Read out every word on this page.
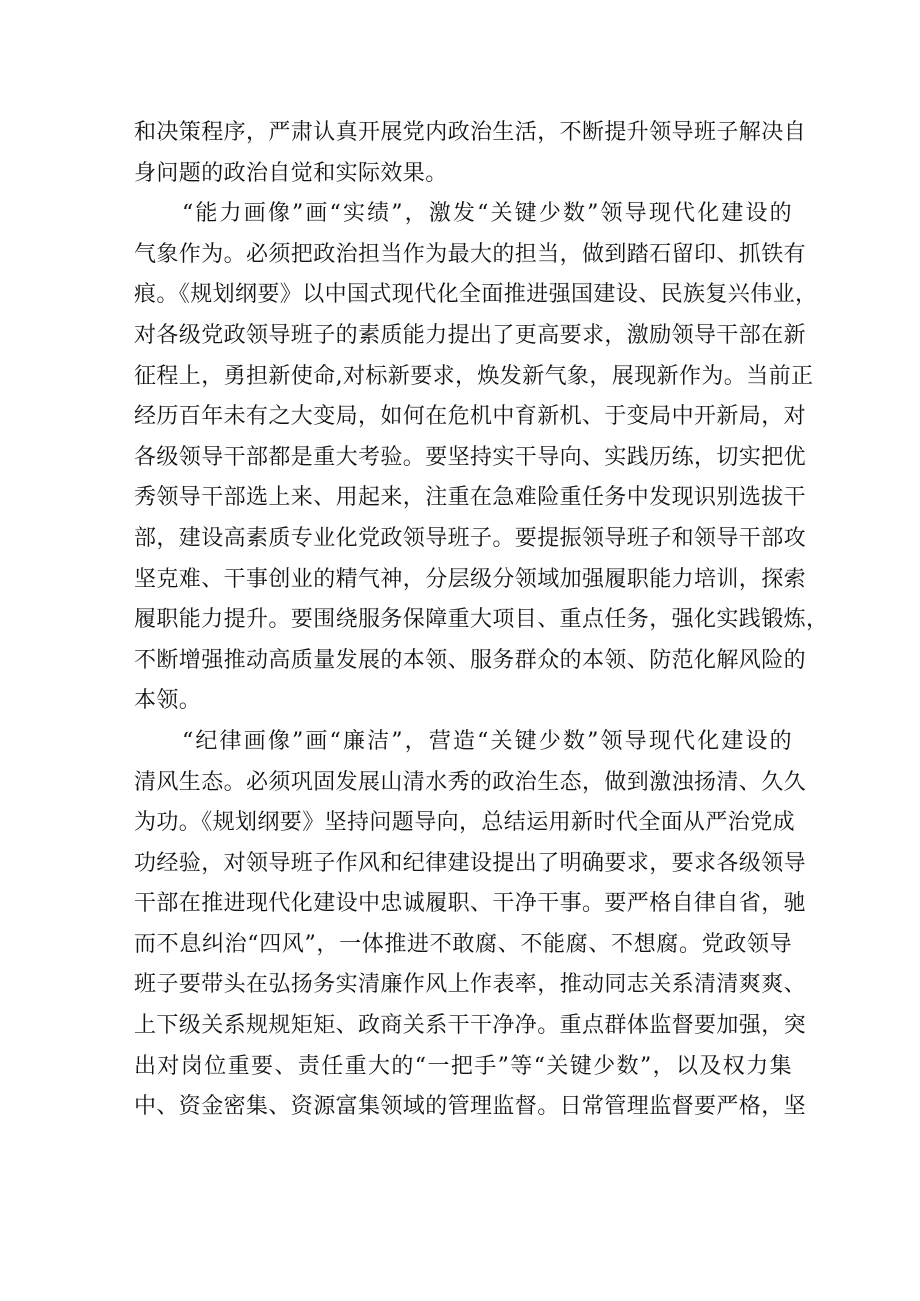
和决策程序，严肃认真开展党内政治生活，不断提升领导班子解决自
身问题的政治自觉和实际效果。
“能力画像”画“实绩”，激发“关键少数”领导现代化建设的
气象作为。必须把政治担当作为最大的担当，做到踏石留印、抓铁有
痕。《规划纲要》以中国式现代化全面推进强国建设、民族复兴伟业，
对各级党政领导班子的素质能力提出了更高要求，激励领导干部在新
征程上，勇担新使命,对标新要求，焕发新气象，展现新作为。当前正
经历百年未有之大变局，如何在危机中育新机、于变局中开新局，对
各级领导干部都是重大考验。要坚持实干导向、实践历练，切实把优
秀领导干部选上来、用起来，注重在急难险重任务中发现识别选拔干
部，建设高素质专业化党政领导班子。要提振领导班子和领导干部攻
坚克难、干事创业的精气神，分层级分领域加强履职能力培训，探索
履职能力提升。要围绕服务保障重大项目、重点任务，强化实践锻炼，
不断增强推动高质量发展的本领、服务群众的本领、防范化解风险的
本领。
“纪律画像”画“廉洁”，营造“关键少数”领导现代化建设的
清风生态。必须巩固发展山清水秀的政治生态，做到激浊扬清、久久
为功。《规划纲要》坚持问题导向，总结运用新时代全面从严治党成
功经验，对领导班子作风和纪律建设提出了明确要求，要求各级领导
干部在推进现代化建设中忠诚履职、干净干事。要严格自律自省，驰
而不息纠治“四风”，一体推进不敢腐、不能腐、不想腐。党政领导
班子要带头在弘扬务实清廉作风上作表率，推动同志关系清清爽爽、
上下级关系规规矩矩、政商关系干干净净。重点群体监督要加强，突
出对岗位重要、责任重大的“一把手”等“关键少数”，以及权力集
中、资金密集、资源富集领域的管理监督。日常管理监督要严格，坚
